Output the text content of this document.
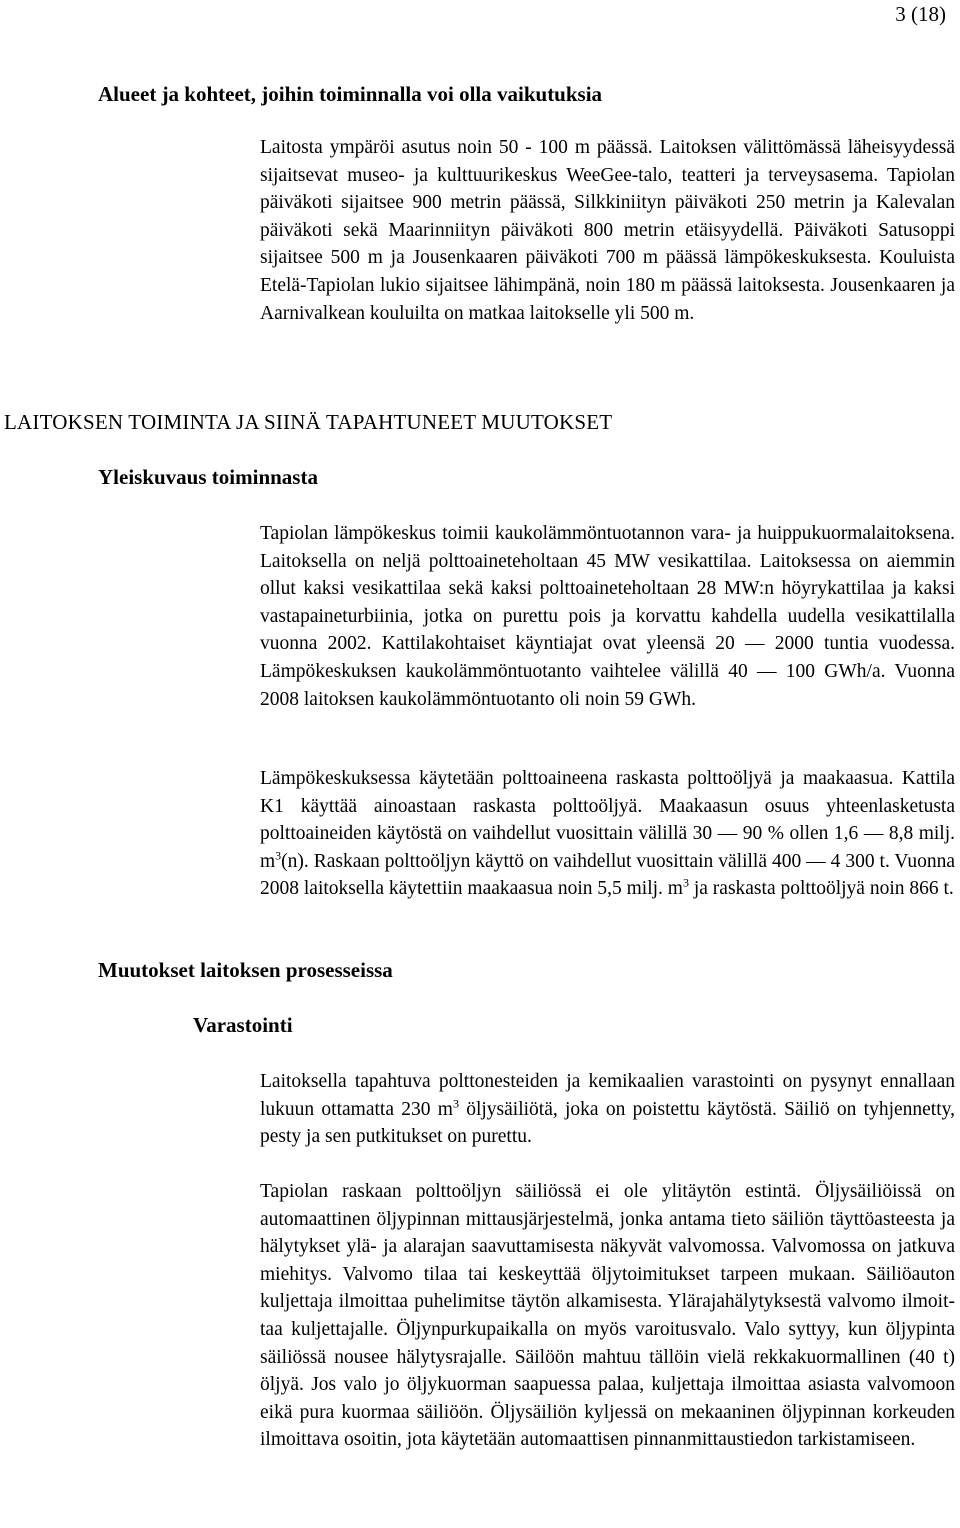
3 (18)
Alueet ja kohteet, joihin toiminnalla voi olla vaikutuksia
Laitosta ympäröi asutus noin 50 - 100 m päässä. Laitoksen välittömässä läheisyydessä sijaitsevat museo- ja kulttuurikeskus WeeGee-talo, teatteri ja terveysasema. Tapiolan päiväkoti sijaitsee 900 metrin päässä, Silkkiniityn päiväkoti 250 metrin ja Kalevalan päiväkoti sekä Maarinniityn päiväkoti 800 metrin etäisyydellä. Päiväkoti Satusoppi sijaitsee 500 m ja Jousenkaaren päiväkoti 700 m päässä lämpökeskuksesta. Kouluista Etelä-Tapiolan lukio sijaitsee lähimpänä, noin 180 m päässä laitoksesta. Jousenkaaren ja Aarnivalkean kouluilta on matkaa laitokselle yli 500 m.
LAITOKSEN TOIMINTA JA SIINÄ TAPAHTUNEET MUUTOKSET
Yleiskuvaus toiminnasta
Tapiolan lämpökeskus toimii kaukolämmöntuotannon vara- ja huippukuormalaitoksena. Laitoksella on neljä polttoaineteholtaan 45 MW vesikattilaa. Laitoksessa on aiemmin ollut kaksi vesikattilaa sekä kaksi polttoaineteholtaan 28 MW:n höyrykattilaa ja kaksi vastapaineturbiinia, jotka on purettu pois ja korvattu kahdella uudella vesikattilalla vuonna 2002. Kattilakohtaiset käyntiajat ovat yleensä 20 — 2000 tuntia vuodessa. Lämpökeskuksen kaukolämmöntuotanto vaihtelee välillä 40 — 100 GWh/a. Vuonna 2008 laitoksen kaukolämmöntuotanto oli noin 59 GWh.
Lämpökeskuksessa käytetään polttoaineena raskasta polttoöljyä ja maakaasua. Kattila K1 käyttää ainoastaan raskasta polttoöljyä. Maakaasun osuus yhteenlasketusta polttoaineiden käytöstä on vaihdellut vuosittain välillä 30 — 90 % ollen 1,6 — 8,8 milj. $m^3(n)$. Raskaan polttoöljyn käyttö on vaihdellut vuosittain välillä 400 — 4 300 t. Vuonna 2008 laitoksella käytettiin maakaasua noin 5,5 milj. $m^3$ ja raskasta polttoöljyä noin 866 t.
Muutokset laitoksen prosesseissa
Varastointi
Laitoksella tapahtuva polttonesteiden ja kemikaalien varastointi on pysynyt ennallaan lukuun ottamatta 230 $m^3$ öljysäiliötä, joka on poistettu käytöstä. Säiliö on tyhjennetty, pesty ja sen putkitukset on purettu.
Tapiolan raskaan polttoöljyn säiliössä ei ole ylitäytön estintä. Öljysäiliöissä on automaattinen öljypinnan mittausjärjestelmä, jonka antama tieto säiliön täyttöasteesta ja hälytykset ylä- ja alarajan saavuttamisesta näkyvät valvomossa. Valvomossa on jatkuva miehitys. Valvomo tilaa tai keskeyttää öljytoimitukset tarpeen mukaan. Säiliöauton kuljettaja ilmoittaa puhelimitse täytön alkamisesta. Ylärajahälytyksestä valvomo ilmoittaa kuljettajalle. Öljynpurkupaikalla on myös varoitusvalo. Valo syttyy, kun öljypinta säiliössä nousee hälytysrajalle. Säilöön mahtuu tällöin vielä rekkakuormallinen (40 t) öljyä. Jos valo jo öljykuorman saapuessa palaa, kuljettaja ilmoittaa asiasta valvomoon eikä pura kuormaa säiliöön. Öljysäiliön kyljessä on mekaaninen öljypinnan korkeuden ilmoittava osoitin, jota käytetään automaattisen pinnanmittaustiedon tarkistamiseen.
